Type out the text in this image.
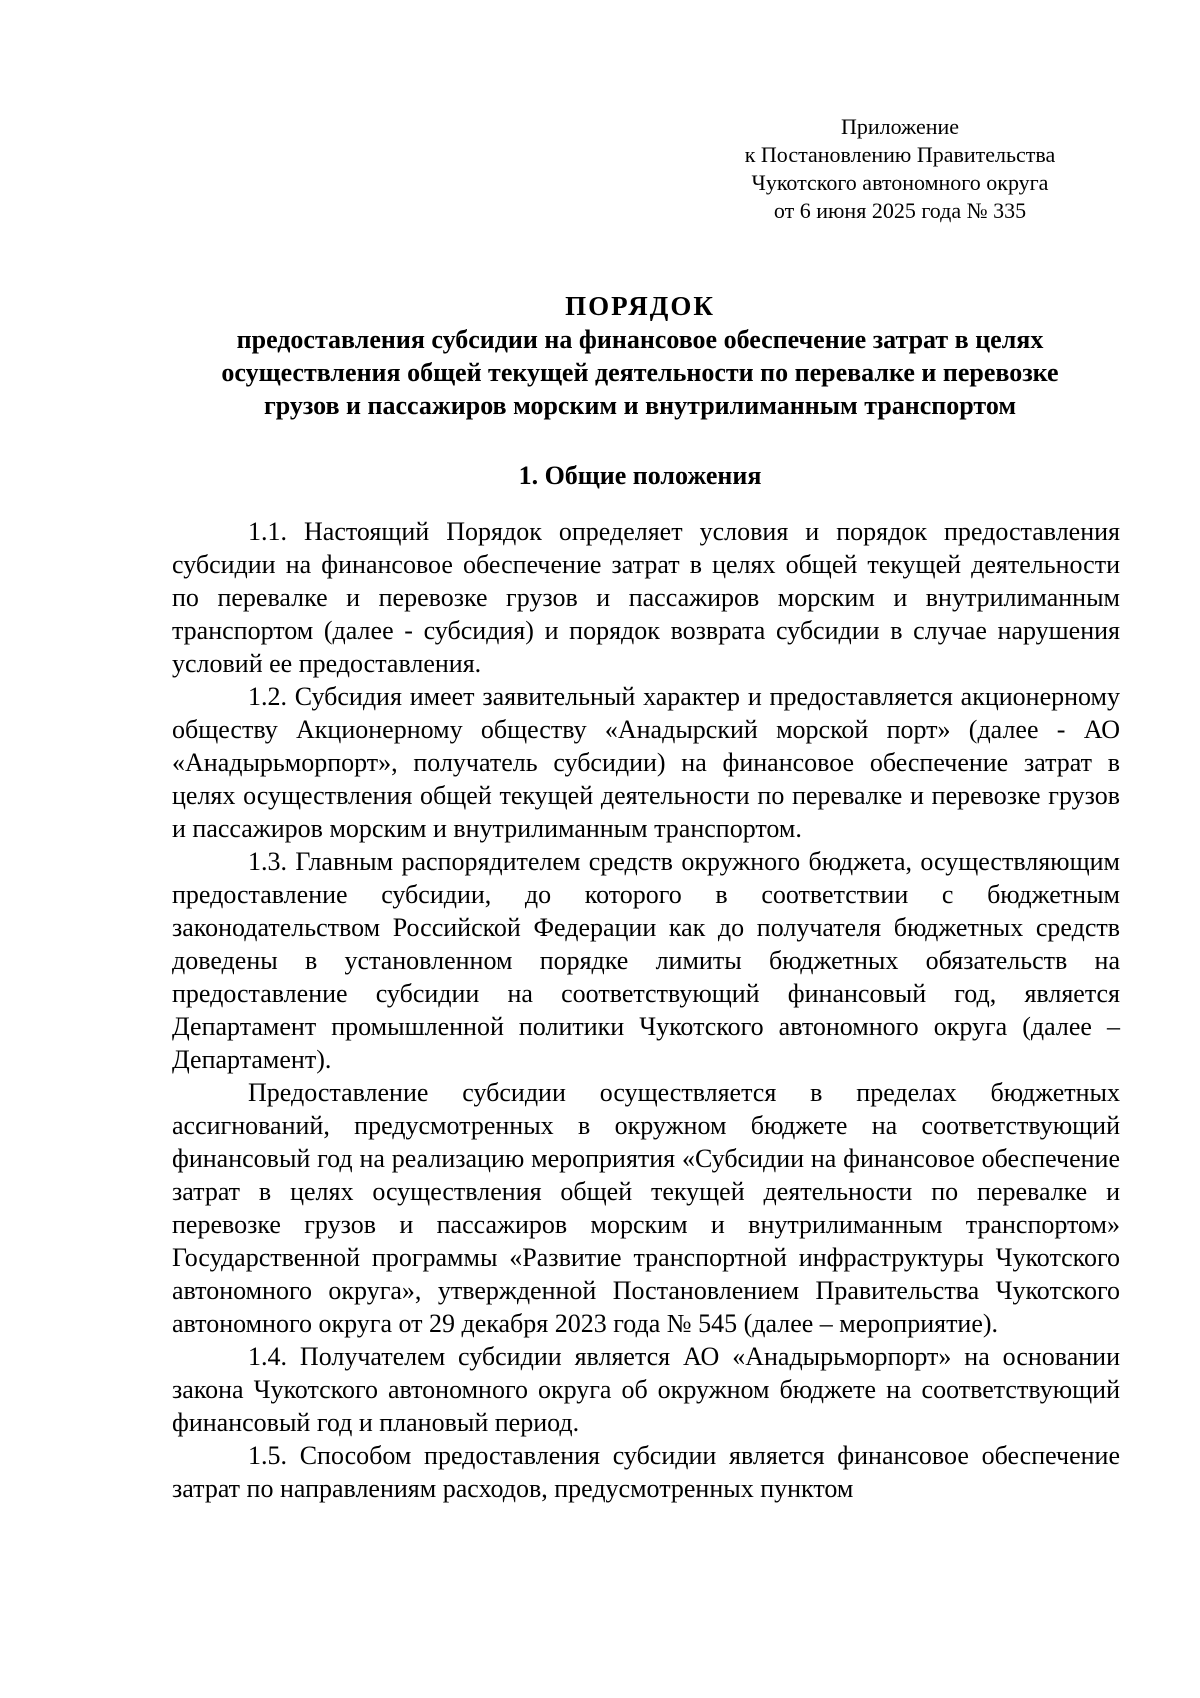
Приложение
к Постановлению Правительства
Чукотского автономного округа
от 6 июня 2025 года № 335
ПОРЯДОК
предоставления субсидии на финансовое обеспечение затрат в целях
осуществления общей текущей деятельности по перевалке и перевозке
грузов и пассажиров морским и внутрилиманным транспортом
1. Общие положения

1.1. Настоящий Порядок определяет условия и порядок предоставления субсидии на финансовое обеспечение затрат в целях общей текущей деятельности по перевалке и перевозке грузов и пассажиров морским и внутрилиманным транспортом (далее - субсидия) и порядок возврата субсидии в случае нарушения условий ее предоставления.

1.2. Субсидия имеет заявительный характер и предоставляется акционерному обществу Акционерному обществу «Анадырский морской порт» (далее - АО «Анадырьморпорт», получатель субсидии) на финансовое обеспечение затрат в целях осуществления общей текущей деятельности по перевалке и перевозке грузов и пассажиров морским и внутрилиманным транспортом.

1.3. Главным распорядителем средств окружного бюджета, осуществляющим предоставление субсидии, до которого в соответствии с бюджетным законодательством Российской Федерации как до получателя бюджетных средств доведены в установленном порядке лимиты бюджетных обязательств на предоставление субсидии на соответствующий финансовый год, является Департамент промышленной политики Чукотского автономного округа (далее – Департамент).

Предоставление субсидии осуществляется в пределах бюджетных ассигнований, предусмотренных в окружном бюджете на соответствующий финансовый год на реализацию мероприятия «Субсидии на финансовое обеспечение затрат в целях осуществления общей текущей деятельности по перевалке и перевозке грузов и пассажиров морским и внутрилиманным транспортом» Государственной программы «Развитие транспортной инфраструктуры Чукотского автономного округа», утвержденной Постановлением Правительства Чукотского автономного округа от 29 декабря 2023 года № 545 (далее – мероприятие).

1.4. Получателем субсидии является АО «Анадырьморпорт» на основании закона Чукотского автономного округа об окружном бюджете на соответствующий финансовый год и плановый период.

1.5. Способом предоставления субсидии является финансовое обеспечение затрат по направлениям расходов, предусмотренных пунктом
